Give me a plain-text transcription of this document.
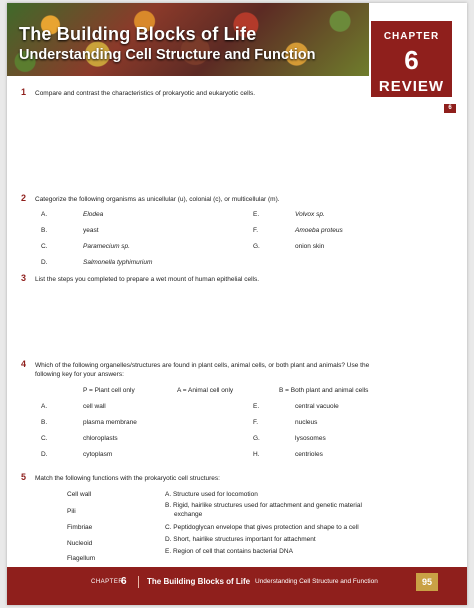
The Building Blocks of Life
Understanding Cell Structure and Function
CHAPTER
6
REVIEW
6
1 Compare and contrast the characteristics of prokaryotic and eukaryotic cells.
2 Categorize the following organisms as unicellular (u), colonial (c), or multicellular (m).
A.	Elodea
B.	yeast
C.	Paramecium sp.
D.	Salmonella typhimurium
E.	Volvox sp.
F.	Amoeba proteus
G.	onion skin
3 List the steps you completed to prepare a wet mount of human epithelial cells.
4 Which of the following organelles/structures are found in plant cells, animal cells, or both plant and animals? Use the
following key for your answers:
P = Plant cell only	A = Animal cell only	B = Both plant and animal cells
A.	cell wall
B.	plasma membrane
C.	chloroplasts
D.	cytoplasm
E.	central vacuole
F.	nucleus
G.	lysosomes
H.	centrioles
5 Match the following functions with the prokaryotic cell structures:
Cell wall
Pili
Fimbriae
Nucleoid
Flagellum
A. Structure used for locomotion
B. Rigid, hairlike structures used for attachment and genetic material
exchange
C. Peptidoglycan envelope that gives protection and shape to a cell
D. Short, hairlike structures important for attachment
E. Region of cell that contains bacterial DNA
CHAPTER
6	The Building Blocks of Life Understanding Cell Structure and Function	95
